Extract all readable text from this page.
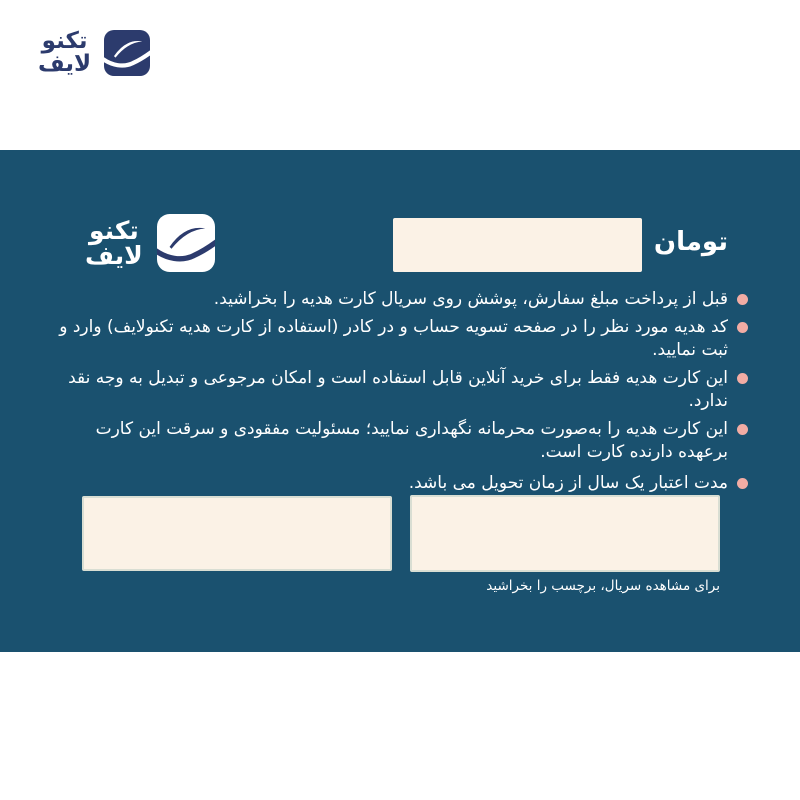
تکنو
لایف
تکنو
لایف	تومان
قبل از پرداخت مبلغ سفارش، پوشش روی سریال کارت هدیه را بخراشید.
کد هدیه مورد نظر را در صفحه تسویه حساب و در کادر (استفاده از کارت هدیه تکنولایف) وارد و ثبت نمایید.
این کارت هدیه فقط برای خرید آنلاین قابل استفاده است و امکان مرجوعی و تبدیل به وجه نقد ندارد.
این کارت هدیه را به‌صورت محرمانه نگهداری نمایید؛ مسئولیت مفقودی و سرقت این کارت برعهده دارنده کارت است.
مدت اعتبار یک سال از زمان تحویل می باشد.
برای مشاهده سریال، برچسب را بخراشید
